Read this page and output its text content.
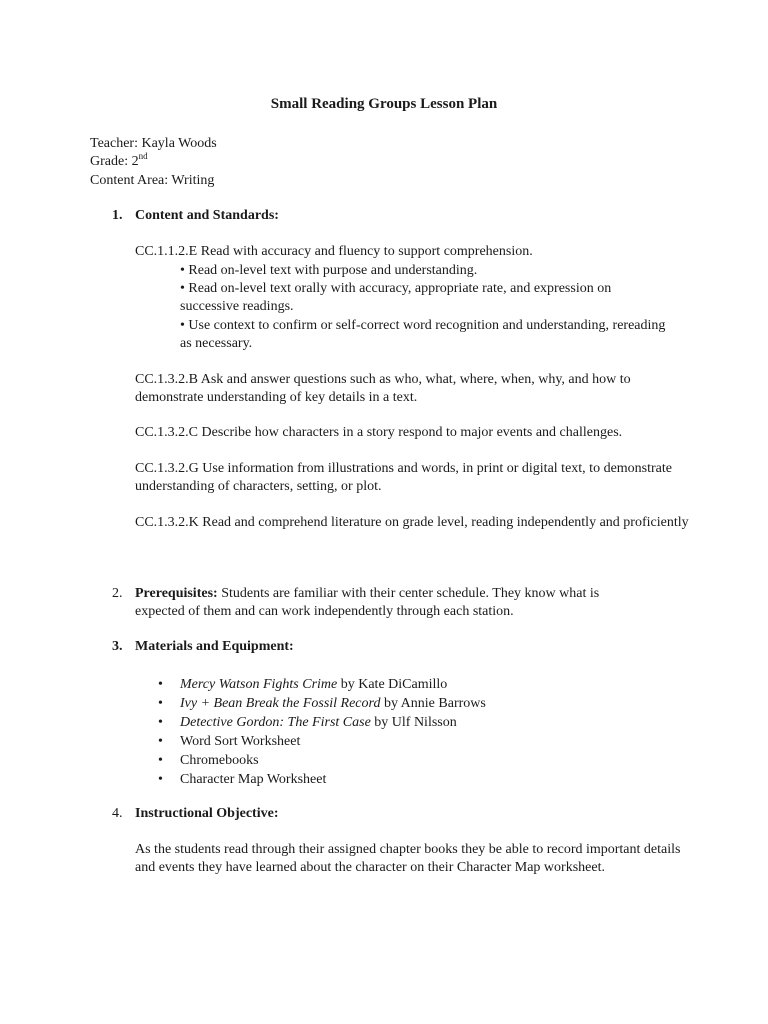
Small Reading Groups Lesson Plan
Teacher: Kayla Woods
Grade: 2nd
Content Area: Writing
1. Content and Standards:
CC.1.1.2.E Read with accuracy and fluency to support comprehension.
• Read on-level text with purpose and understanding.
• Read on-level text orally with accuracy, appropriate rate, and expression on successive readings.
• Use context to confirm or self-correct word recognition and understanding, rereading as necessary.
CC.1.3.2.B Ask and answer questions such as who, what, where, when, why, and how to demonstrate understanding of key details in a text.
CC.1.3.2.C Describe how characters in a story respond to major events and challenges.
CC.1.3.2.G Use information from illustrations and words, in print or digital text, to demonstrate understanding of characters, setting, or plot.
CC.1.3.2.K Read and comprehend literature on grade level, reading independently and proficiently
2. Prerequisites: Students are familiar with their center schedule. They know what is
expected of them and can work independently through each station.
3. Materials and Equipment:
• Mercy Watson Fights Crime by Kate DiCamillo
• Ivy + Bean Break the Fossil Record by Annie Barrows
• Detective Gordon: The First Case by Ulf Nilsson
• Word Sort Worksheet
• Chromebooks
• Character Map Worksheet
4. Instructional Objective:
As the students read through their assigned chapter books they be able to record important details and events they have learned about the character on their Character Map worksheet.
